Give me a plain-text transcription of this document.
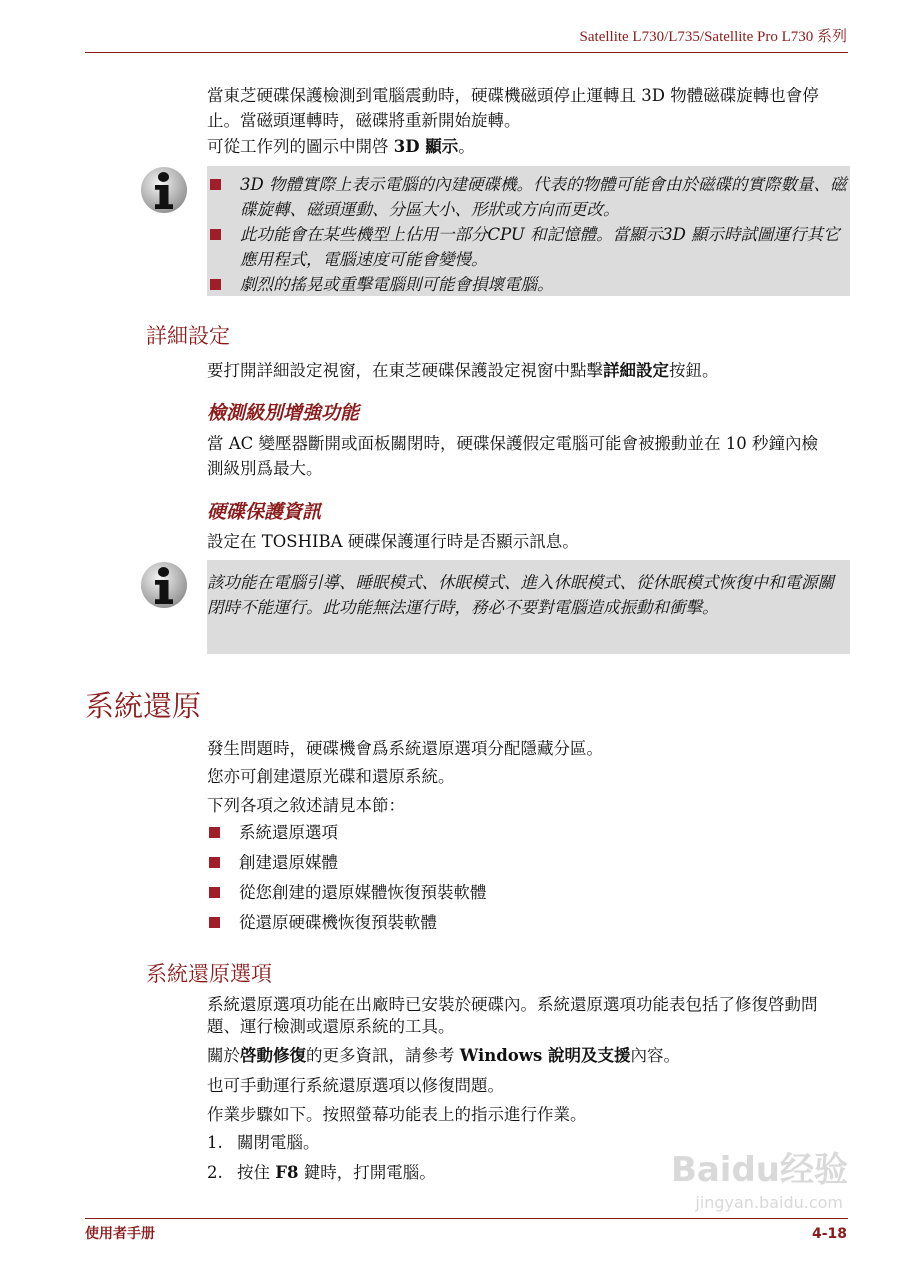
Satellite L730/L735/Satellite Pro L730 系列
當東芝硬碟保護檢測到電腦震動時，硬碟機磁頭停止運轉且 3D 物體磁碟旋轉也會停止。當磁頭運轉時，磁碟將重新開始旋轉。
可從工作列的圖示中開啓 3D 顯示。
3D 物體實際上表示電腦的內建硬碟機。代表的物體可能會由於磁碟的實際數量、磁碟旋轉、磁頭運動、分區大小、形狀或方向而更改。
此功能會在某些機型上佔用一部分CPU 和記憶體。當顯示3D 顯示時試圖運行其它應用程式，電腦速度可能會變慢。
劇烈的搖晃或重擊電腦則可能會損壞電腦。
詳細設定
要打開詳細設定視窗，在東芝硬碟保護設定視窗中點擊詳細設定按鈕。
檢測級別增強功能
當 AC 變壓器斷開或面板關閉時，硬碟保護假定電腦可能會被搬動並在 10 秒鐘內檢測級別爲最大。
硬碟保護資訊
設定在 TOSHIBA 硬碟保護運行時是否顯示訊息。
該功能在電腦引導、睡眠模式、休眠模式、進入休眠模式、從休眠模式恢復中和電源關閉時不能運行。此功能無法運行時，務必不要對電腦造成振動和衝擊。
系統還原
發生問題時，硬碟機會爲系統還原選項分配隱藏分區。
您亦可創建還原光碟和還原系統。
下列各項之敘述請見本節：
系統還原選項
創建還原媒體
從您創建的還原媒體恢復預裝軟體
從還原硬碟機恢復預裝軟體
系統還原選項
系統還原選項功能在出廠時已安裝於硬碟內。系統還原選項功能表包括了修復啓動問題、運行檢測或還原系統的工具。
關於啓動修復的更多資訊，請參考 Windows 說明及支援內容。
也可手動運行系統還原選項以修復問題。
作業步驟如下。按照螢幕功能表上的指示進行作業。
1. 關閉電腦。
2. 按住 F8 鍵時，打開電腦。	Baidu经验
jingyan.baidu.com
使用者手册	4-18
